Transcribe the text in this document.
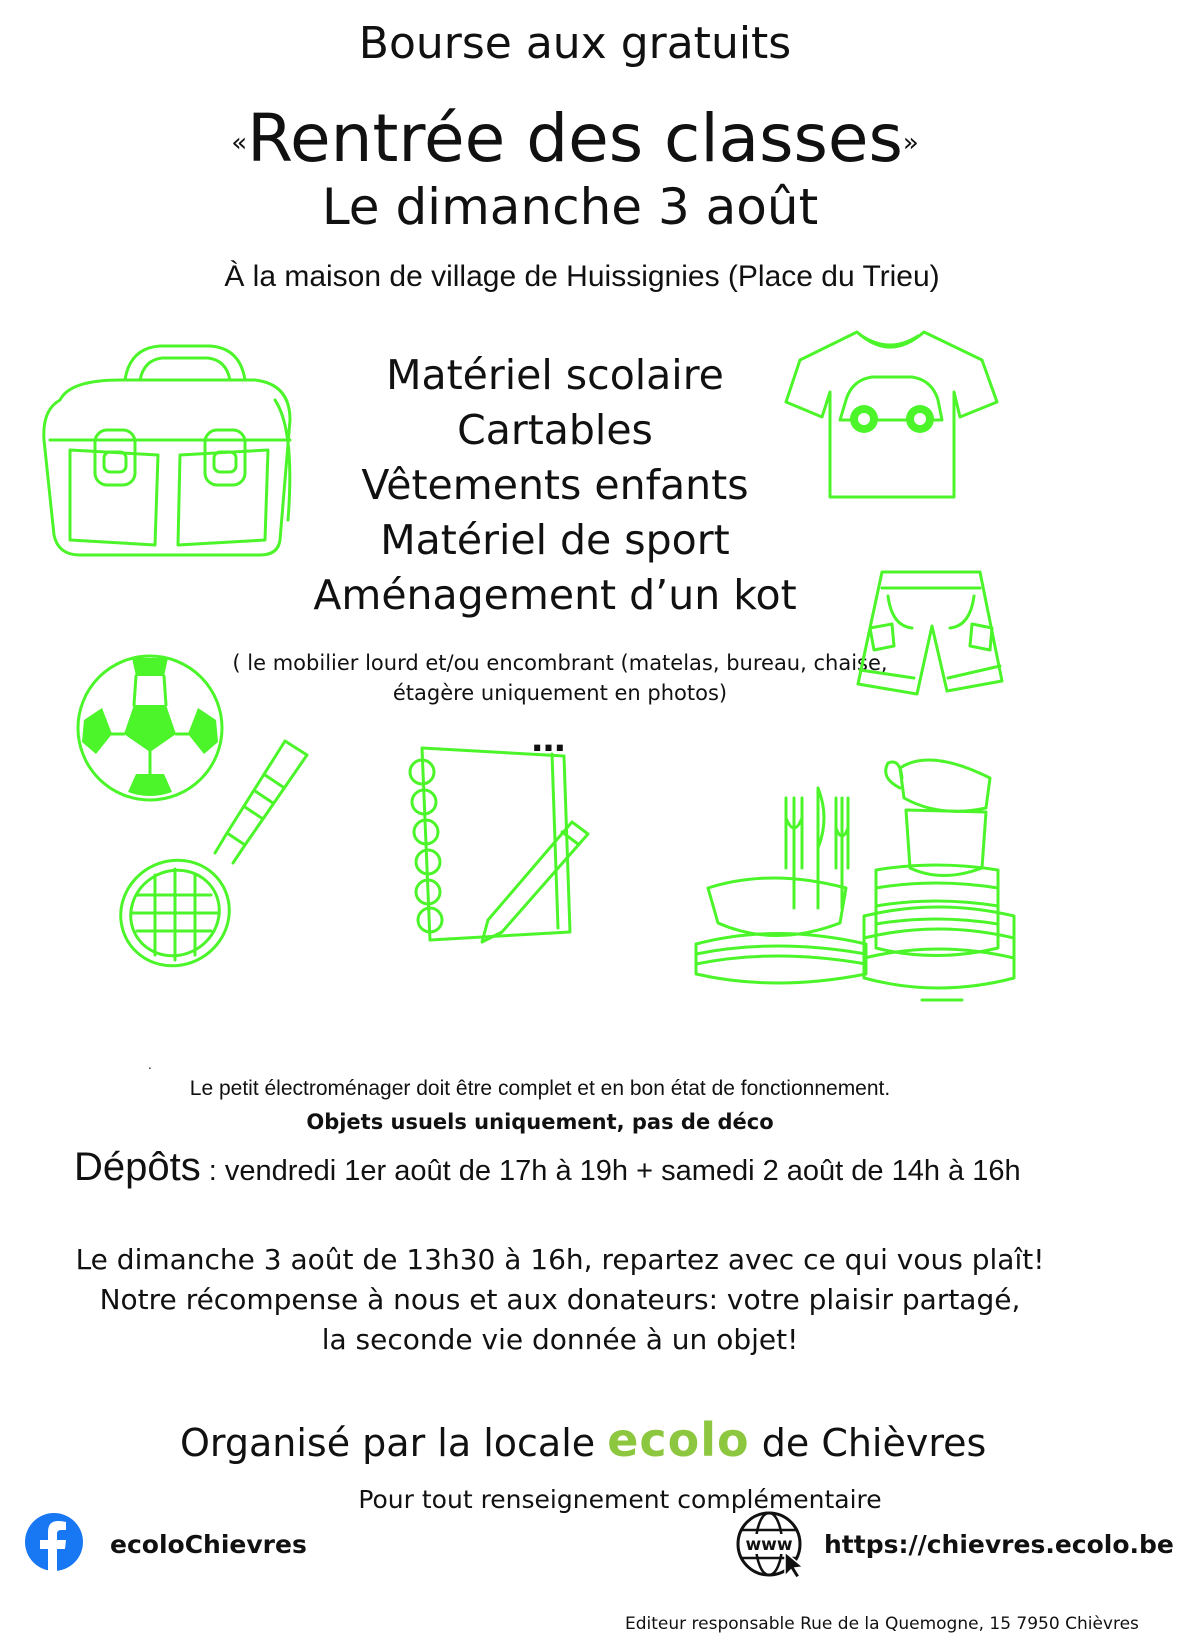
Bourse aux gratuits
«Rentrée des classes»
Le dimanche 3 août
À la maison de village de Huissignies (Place du Trieu)
Matériel scolaire
Cartables
Vêtements enfants
Matériel de sport
Aménagement d’un kot
( le mobilier lourd et/ou encombrant (matelas, bureau, chaise,
étagère uniquement en photos)
…
.
Le petit électroménager doit être complet et en bon état de fonctionnement.
Objets usuels uniquement, pas de déco
Dépôts : vendredi 1er août de 17h à 19h + samedi 2 août de 14h à 16h
Le dimanche 3 août de 13h30 à 16h, repartez avec ce qui vous plaît!
Notre récompense à nous et aux donateurs: votre plaisir partagé,
la seconde vie donnée à un objet!
Organisé par la locale ecolo de Chièvres
Pour tout renseignement complémentaire
ecoloChievres	www https://chievres.ecolo.be
Editeur responsable Rue de la Quemogne, 15 7950 Chièvres
